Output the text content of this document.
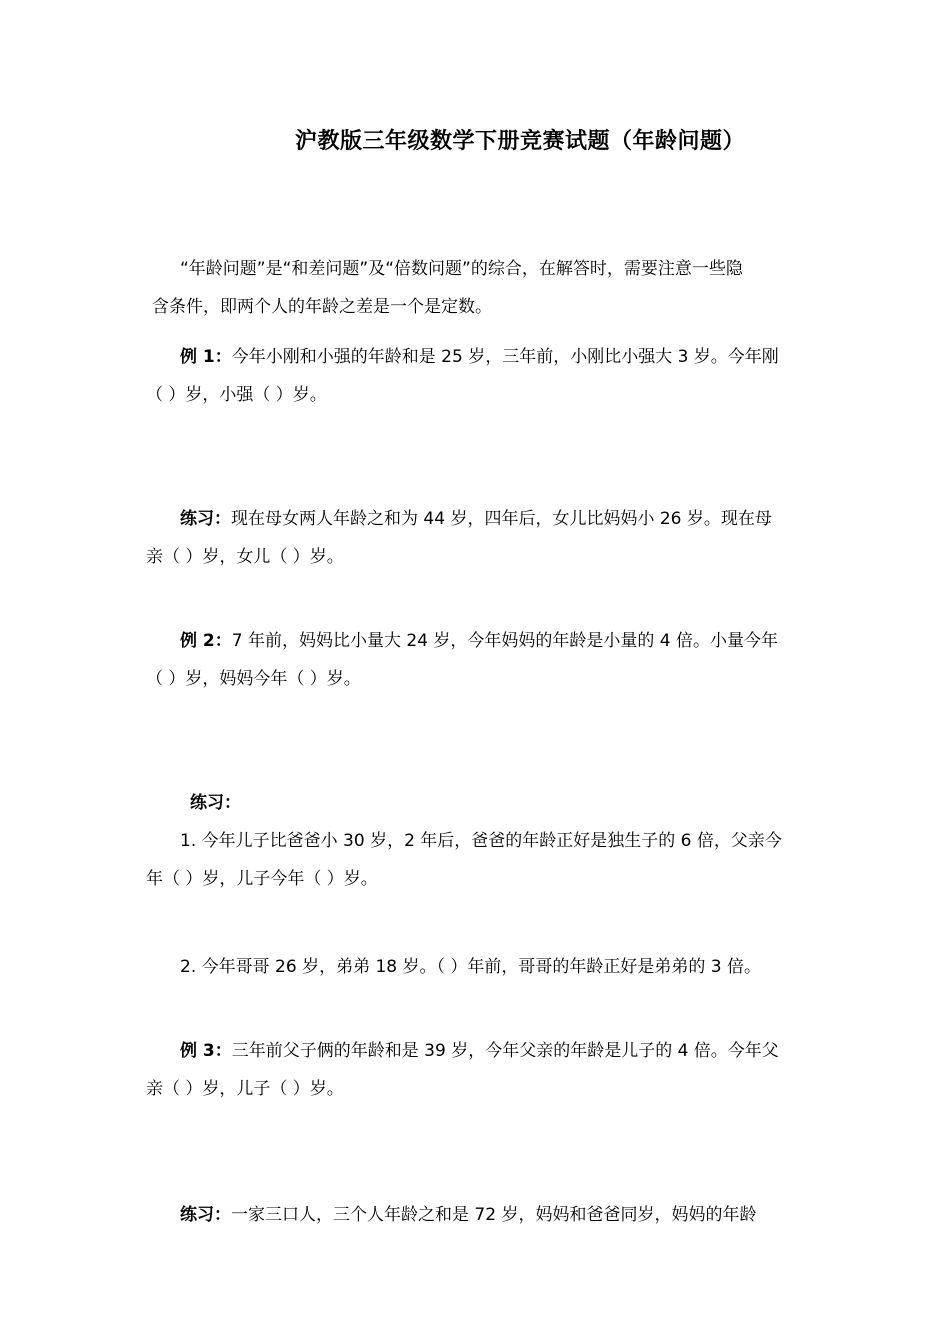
沪教版三年级数学下册竞赛试题（年龄问题）
“年龄问题”是“和差问题”及“倍数问题”的综合，在解答时，需要注意一些隐
含条件，即两个人的年龄之差是一个是定数。
例 1：今年小刚和小强的年龄和是 25 岁，三年前，小刚比小强大 3 岁。今年刚
（ ）岁，小强（ ）岁。
练习：现在母女两人年龄之和为 44 岁，四年后，女儿比妈妈小 26 岁。现在母
亲（ ）岁，女儿（ ）岁。
例 2：7 年前，妈妈比小量大 24 岁，今年妈妈的年龄是小量的 4 倍。小量今年
（ ）岁，妈妈今年（ ）岁。
练习：
1. 今年儿子比爸爸小 30 岁，2 年后，爸爸的年龄正好是独生子的 6 倍，父亲今
年（ ）岁，儿子今年（ ）岁。
2. 今年哥哥 26 岁，弟弟 18 岁。（ ）年前，哥哥的年龄正好是弟弟的 3 倍。
例 3：三年前父子俩的年龄和是 39 岁，今年父亲的年龄是儿子的 4 倍。今年父
亲（ ）岁，儿子（ ）岁。
练习：一家三口人，三个人年龄之和是 72 岁，妈妈和爸爸同岁，妈妈的年龄
